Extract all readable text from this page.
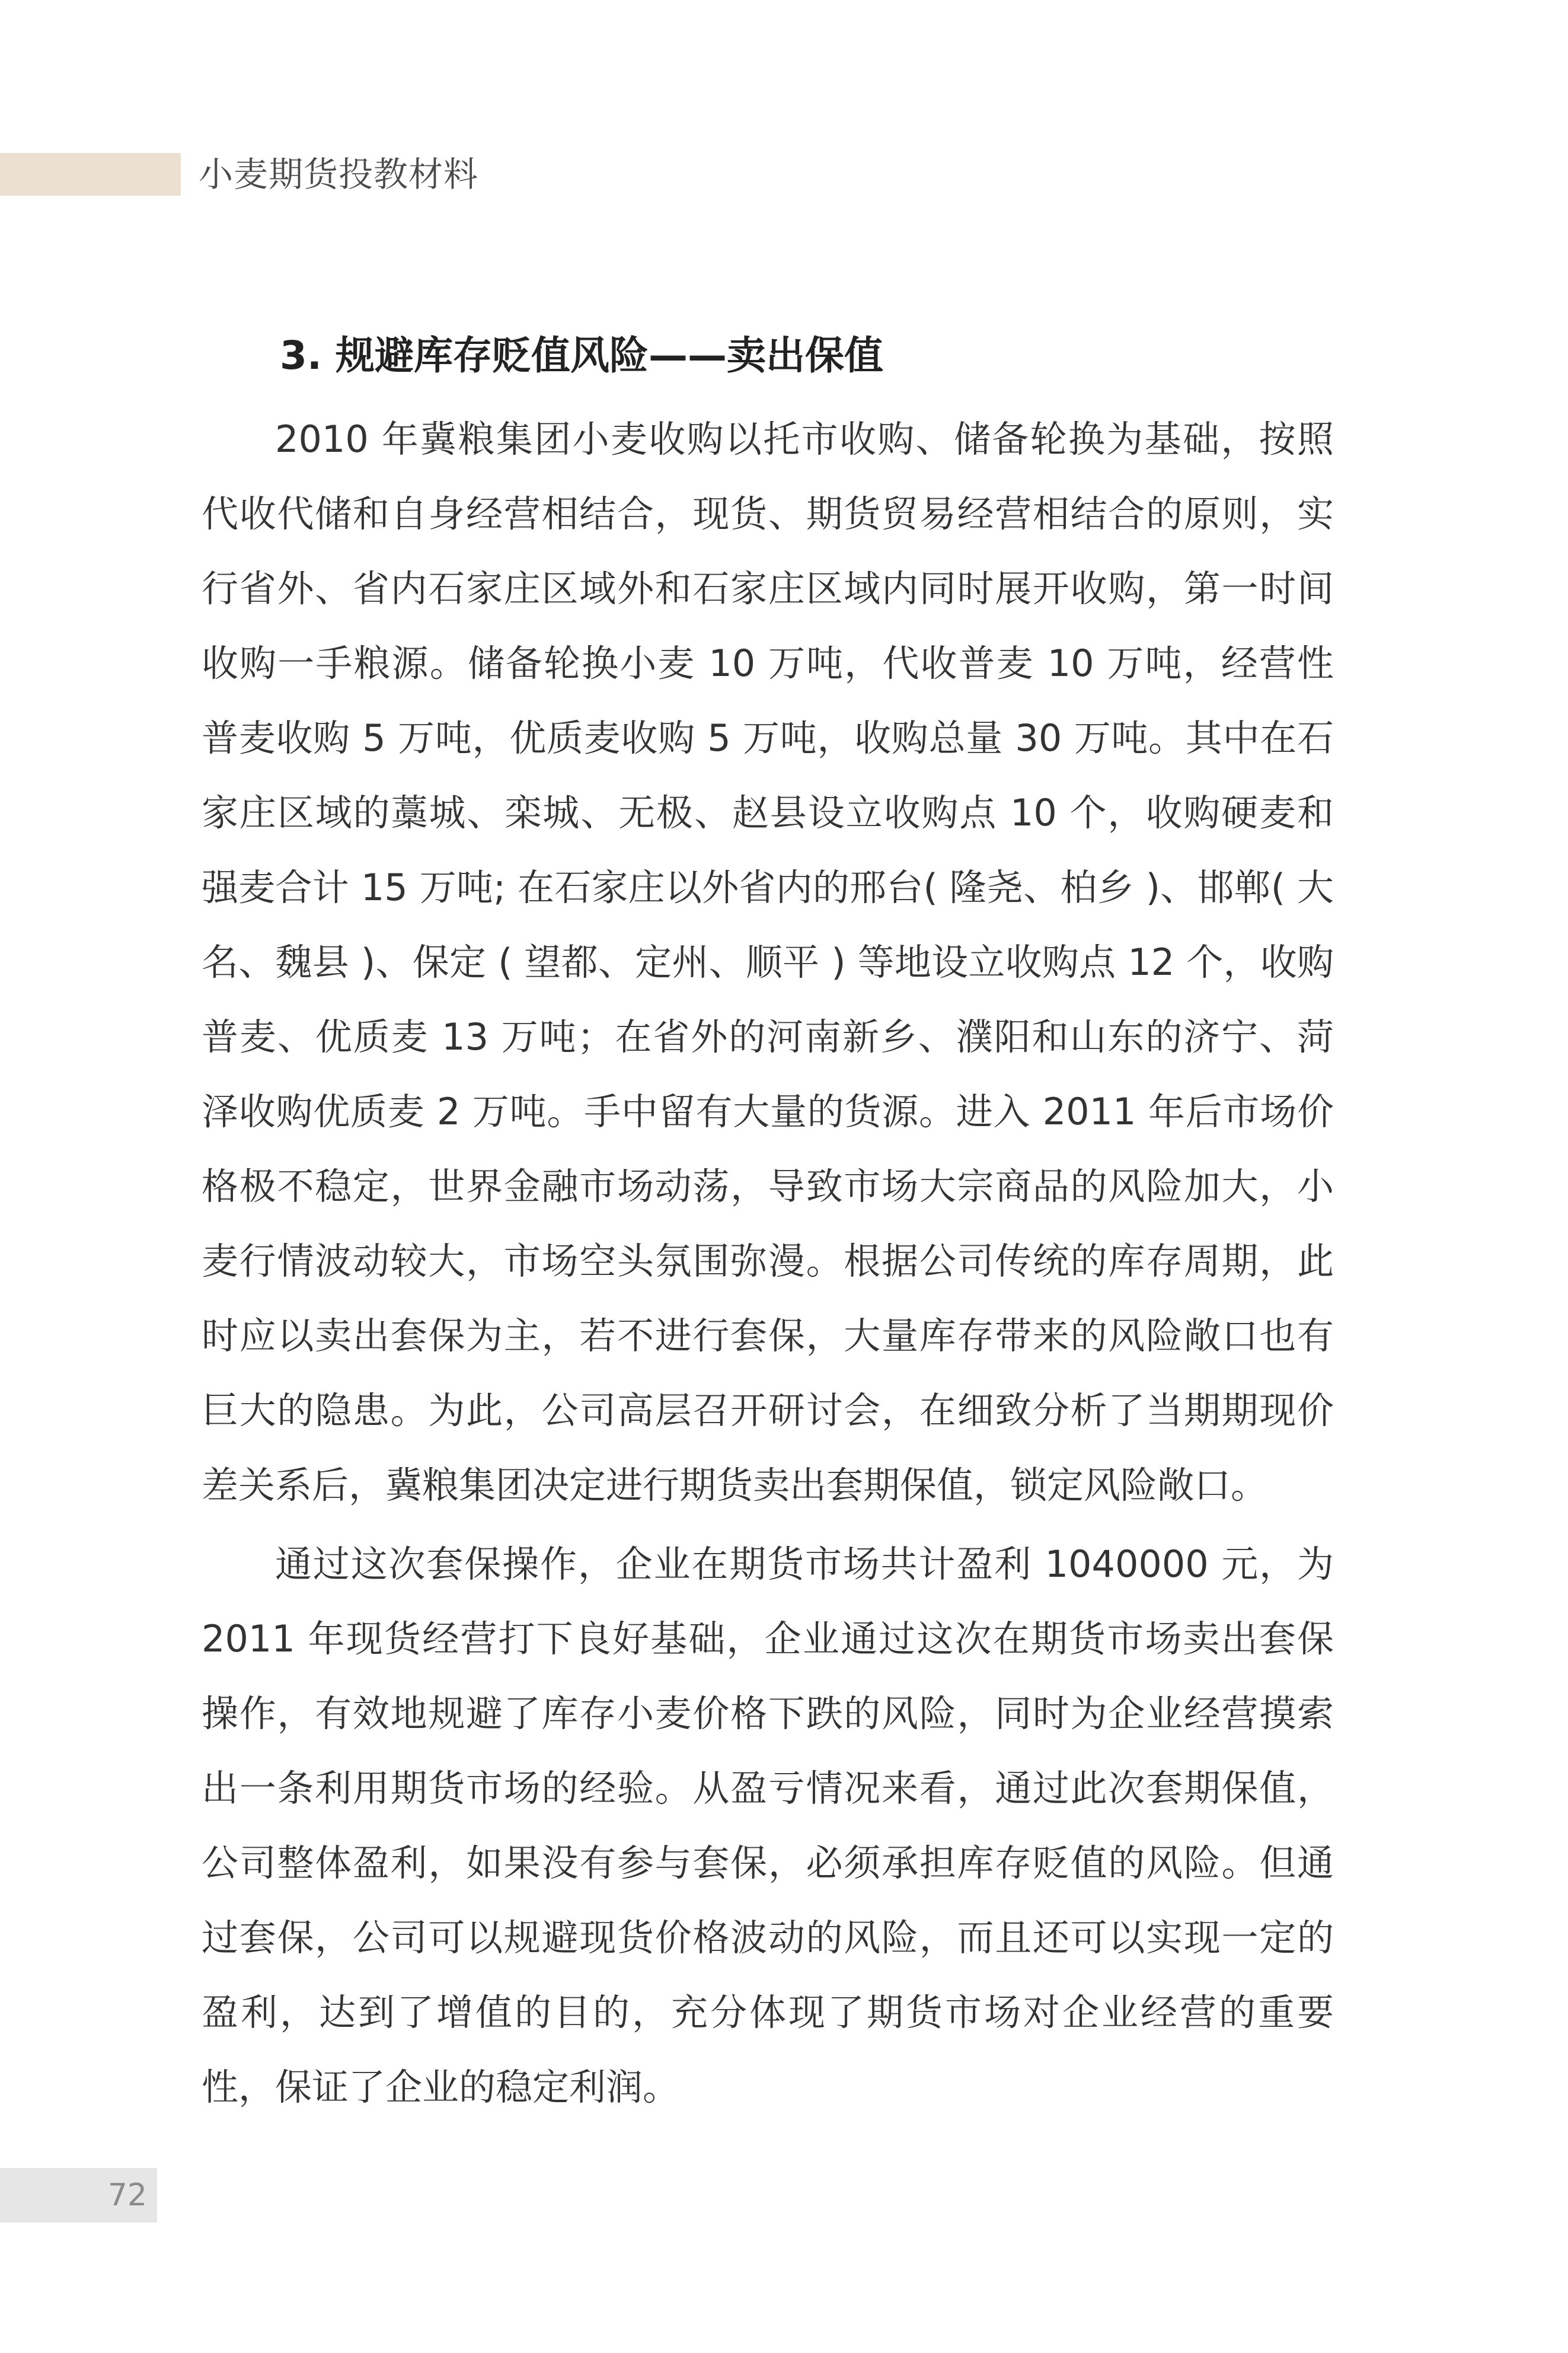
小麦期货投教材料
3. 规避库存贬值风险——卖出保值

2010 年冀粮集团小麦收购以托市收购、储备轮换为基础，按照代收代储和自身经营相结合，现货、期货贸易经营相结合的原则，实行省外、省内石家庄区域外和石家庄区域内同时展开收购，第一时间收购一手粮源。储备轮换小麦 10 万吨，代收普麦 10 万吨，经营性普麦收购 5 万吨，优质麦收购 5 万吨，收购总量 30 万吨。其中在石家庄区域的藁城、栾城、无极、赵县设立收购点 10 个，收购硬麦和强麦合计 15 万吨; 在石家庄以外省内的邢台( 隆尧、柏乡 )、邯郸( 大名、魏县 )、保定 ( 望都、定州、顺平 ) 等地设立收购点 12 个，收购普麦、优质麦 13 万吨；在省外的河南新乡、濮阳和山东的济宁、菏泽收购优质麦 2 万吨。手中留有大量的货源。进入 2011 年后市场价格极不稳定，世界金融市场动荡，导致市场大宗商品的风险加大，小麦行情波动较大，市场空头氛围弥漫。根据公司传统的库存周期，此时应以卖出套保为主，若不进行套保，大量库存带来的风险敞口也有巨大的隐患。为此，公司高层召开研讨会，在细致分析了当期期现价差关系后，冀粮集团决定进行期货卖出套期保值，锁定风险敞口。

通过这次套保操作，企业在期货市场共计盈利 1040000 元，为 2011 年现货经营打下良好基础，企业通过这次在期货市场卖出套保操作，有效地规避了库存小麦价格下跌的风险，同时为企业经营摸索出一条利用期货市场的经验。从盈亏情况来看，通过此次套期保值，公司整体盈利，如果没有参与套保，必须承担库存贬值的风险。但通过套保，公司可以规避现货价格波动的风险，而且还可以实现一定的盈利，达到了增值的目的，充分体现了期货市场对企业经营的重要性，保证了企业的稳定利润。

72
